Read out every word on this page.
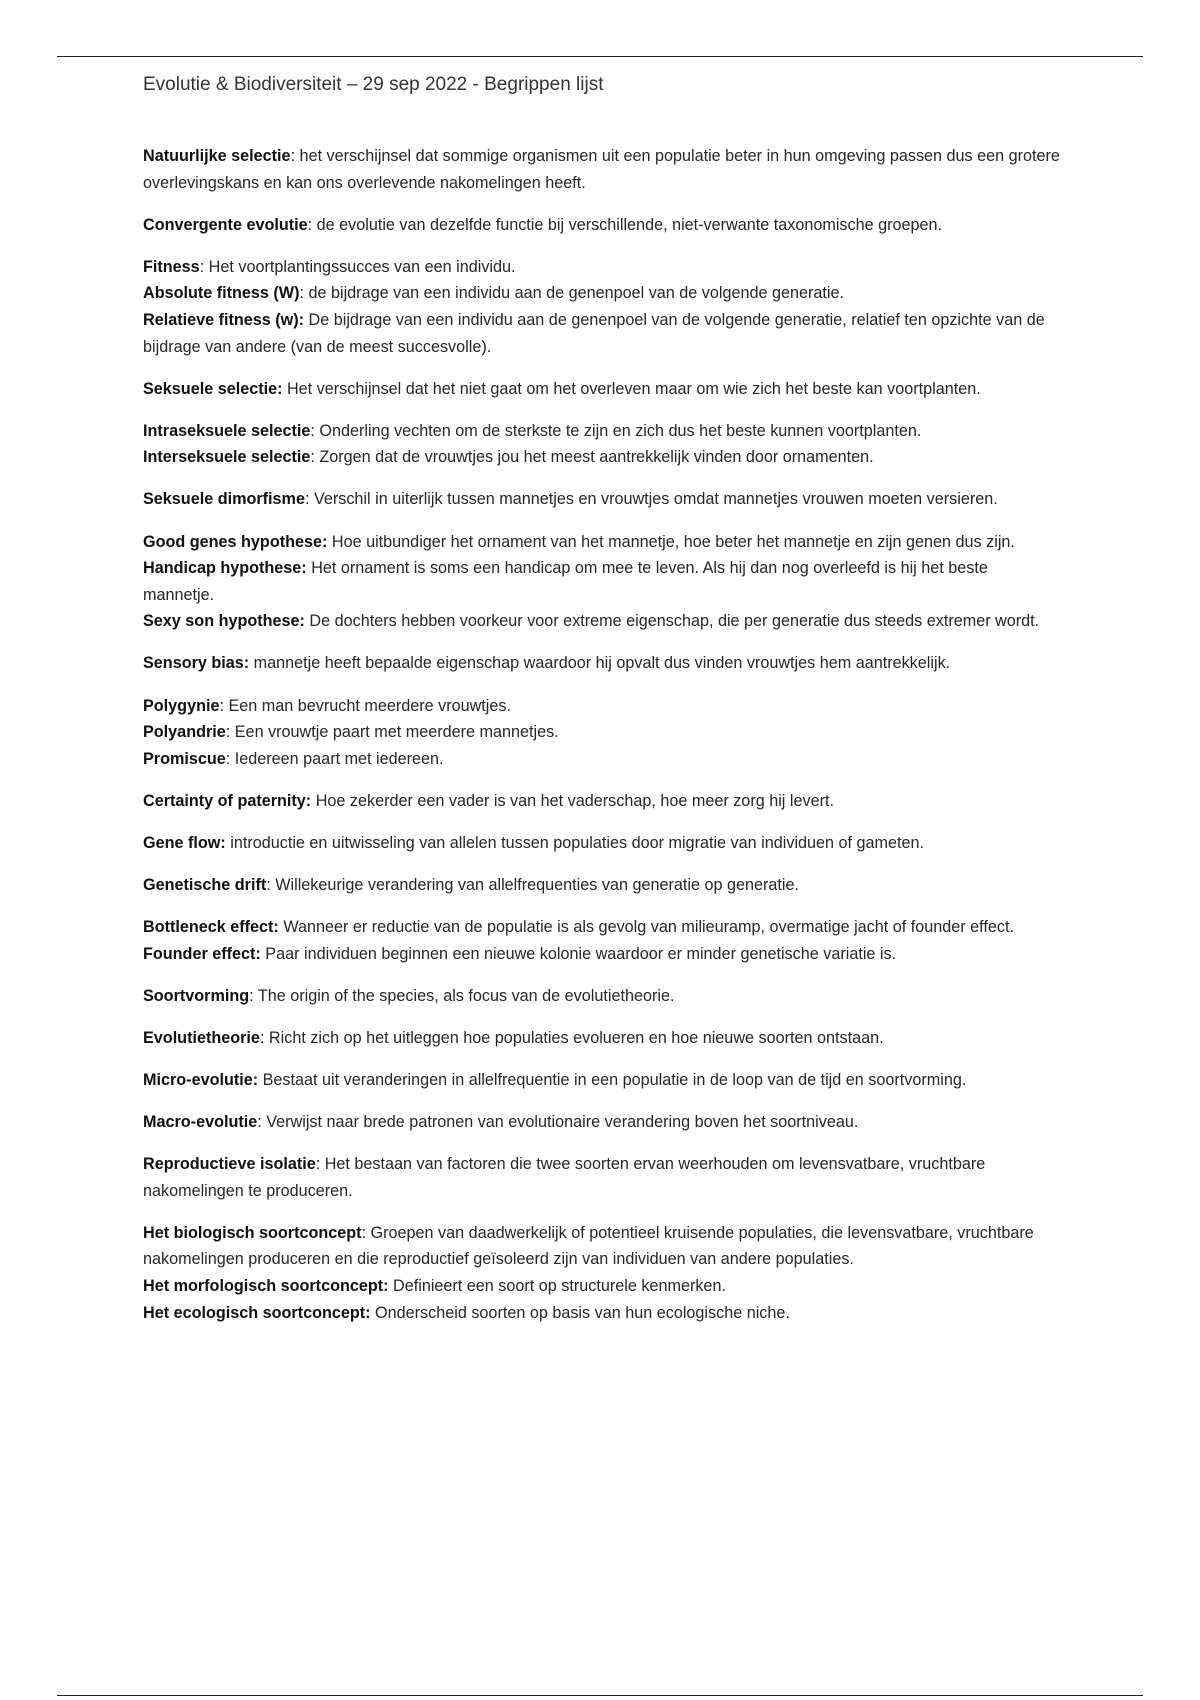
Evolutie & Biodiversiteit – 29 sep 2022 - Begrippen lijst

Natuurlijke selectie: het verschijnsel dat sommige organismen uit een populatie beter in hun omgeving passen dus een grotere overlevingskans en kan ons overlevende nakomelingen heeft.

Convergente evolutie: de evolutie van dezelfde functie bij verschillende, niet-verwante taxonomische groepen.

Fitness: Het voortplantingssucces van een individu.

Absolute fitness (W): de bijdrage van een individu aan de genenpoel van de volgende generatie.

Relatieve fitness (w): De bijdrage van een individu aan de genenpoel van de volgende generatie, relatief ten opzichte van de bijdrage van andere (van de meest succesvolle).

Seksuele selectie: Het verschijnsel dat het niet gaat om het overleven maar om wie zich het beste kan voortplanten.

Intraseksuele selectie: Onderling vechten om de sterkste te zijn en zich dus het beste kunnen voortplanten.

Interseksuele selectie: Zorgen dat de vrouwtjes jou het meest aantrekkelijk vinden door ornamenten.

Seksuele dimorfisme: Verschil in uiterlijk tussen mannetjes en vrouwtjes omdat mannetjes vrouwen moeten versieren.

Good genes hypothese: Hoe uitbundiger het ornament van het mannetje, hoe beter het mannetje en zijn genen dus zijn.

Handicap hypothese: Het ornament is soms een handicap om mee te leven. Als hij dan nog overleefd is hij het beste mannetje.

Sexy son hypothese: De dochters hebben voorkeur voor extreme eigenschap, die per generatie dus steeds extremer wordt.

Sensory bias: mannetje heeft bepaalde eigenschap waardoor hij opvalt dus vinden vrouwtjes hem aantrekkelijk.

Polygynie: Een man bevrucht meerdere vrouwtjes.

Polyandrie: Een vrouwtje paart met meerdere mannetjes.

Promiscue: Iedereen paart met iedereen.

Certainty of paternity: Hoe zekerder een vader is van het vaderschap, hoe meer zorg hij levert.

Gene flow: introductie en uitwisseling van allelen tussen populaties door migratie van individuen of gameten.

Genetische drift: Willekeurige verandering van allelfrequenties van generatie op generatie.

Bottleneck effect: Wanneer er reductie van de populatie is als gevolg van milieuramp, overmatige jacht of founder effect.

Founder effect: Paar individuen beginnen een nieuwe kolonie waardoor er minder genetische variatie is.

Soortvorming: The origin of the species, als focus van de evolutietheorie.

Evolutietheorie: Richt zich op het uitleggen hoe populaties evolueren en hoe nieuwe soorten ontstaan.

Micro-evolutie: Bestaat uit veranderingen in allelfrequentie in een populatie in de loop van de tijd en soortvorming.

Macro-evolutie: Verwijst naar brede patronen van evolutionaire verandering boven het soortniveau.

Reproductieve isolatie: Het bestaan van factoren die twee soorten ervan weerhouden om levensvatbare, vruchtbare nakomelingen te produceren.

Het biologisch soortconcept: Groepen van daadwerkelijk of potentieel kruisende populaties, die levensvatbare, vruchtbare nakomelingen produceren en die reproductief geïsoleerd zijn van individuen van andere populaties.

Het morfologisch soortconcept: Definieert een soort op structurele kenmerken.

Het ecologisch soortconcept: Onderscheid soorten op basis van hun ecologische niche.
